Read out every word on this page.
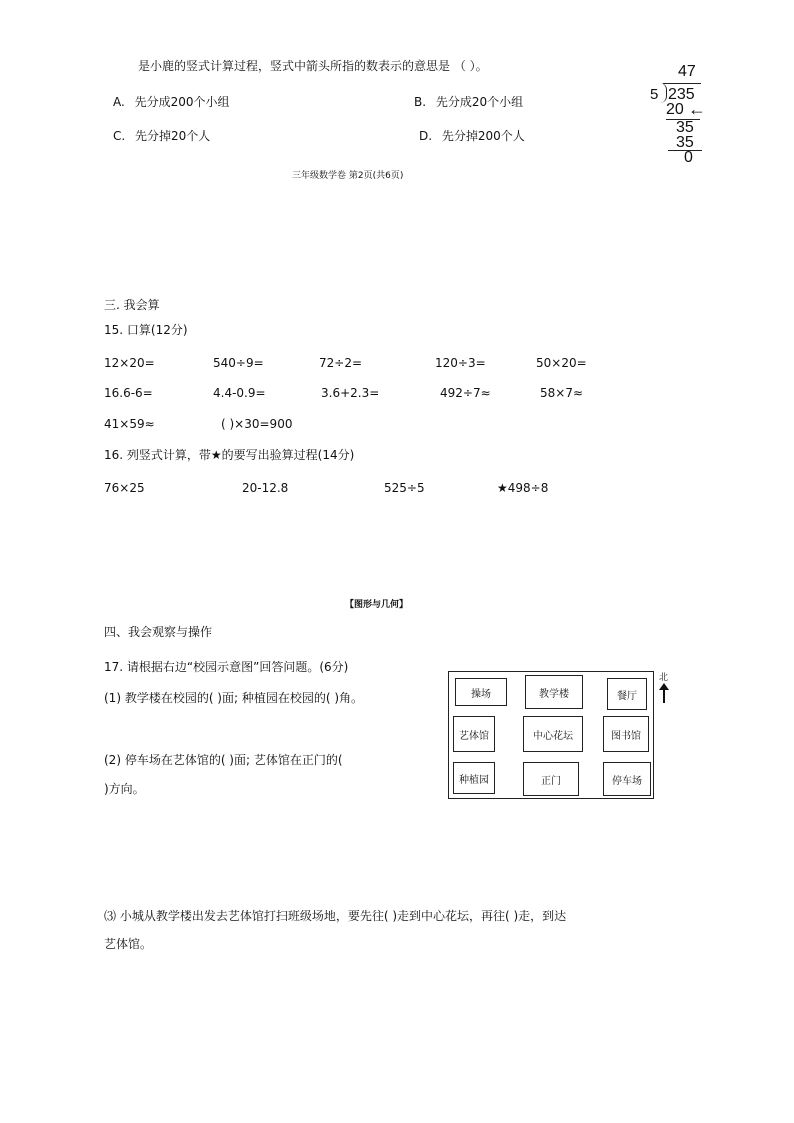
是小鹿的竖式计算过程，竖式中箭头所指的数表示的意思是 （ ）。
A. 先分成200个小组	B. 先分成20个小组
C. 先分掉20个人	D. 先分掉200个人
47
5 235
20 ←
35
35
0
三年级数学卷 第2页(共6页)
三. 我会算
15. 口算(12分)
12×20=	540÷9=	72÷2=	120÷3=	50×20=
16.6-6=	4.4-0.9=	3.6+2.3=	492÷7≈	58×7≈
41×59≈	( )×30=900
16. 列竖式计算，带★的要写出验算过程(14分)
76×25	20-12.8	525÷5	★498÷8
【图形与几何】
四、我会观察与操作
17. 请根据右边“校园示意图”回答问题。(6分)
(1) 教学楼在校园的( )面; 种植园在校园的( )角。
(2) 停车场在艺体馆的( )面; 艺体馆在正门的(
)方向。
操场	教学楼	餐厅
艺体馆	中心花坛	图书馆
种植园	正门	停车场
北
⑶ 小城从教学楼出发去艺体馆打扫班级场地，要先往( )走到中心花坛，再往( )走，到达
艺体馆。
